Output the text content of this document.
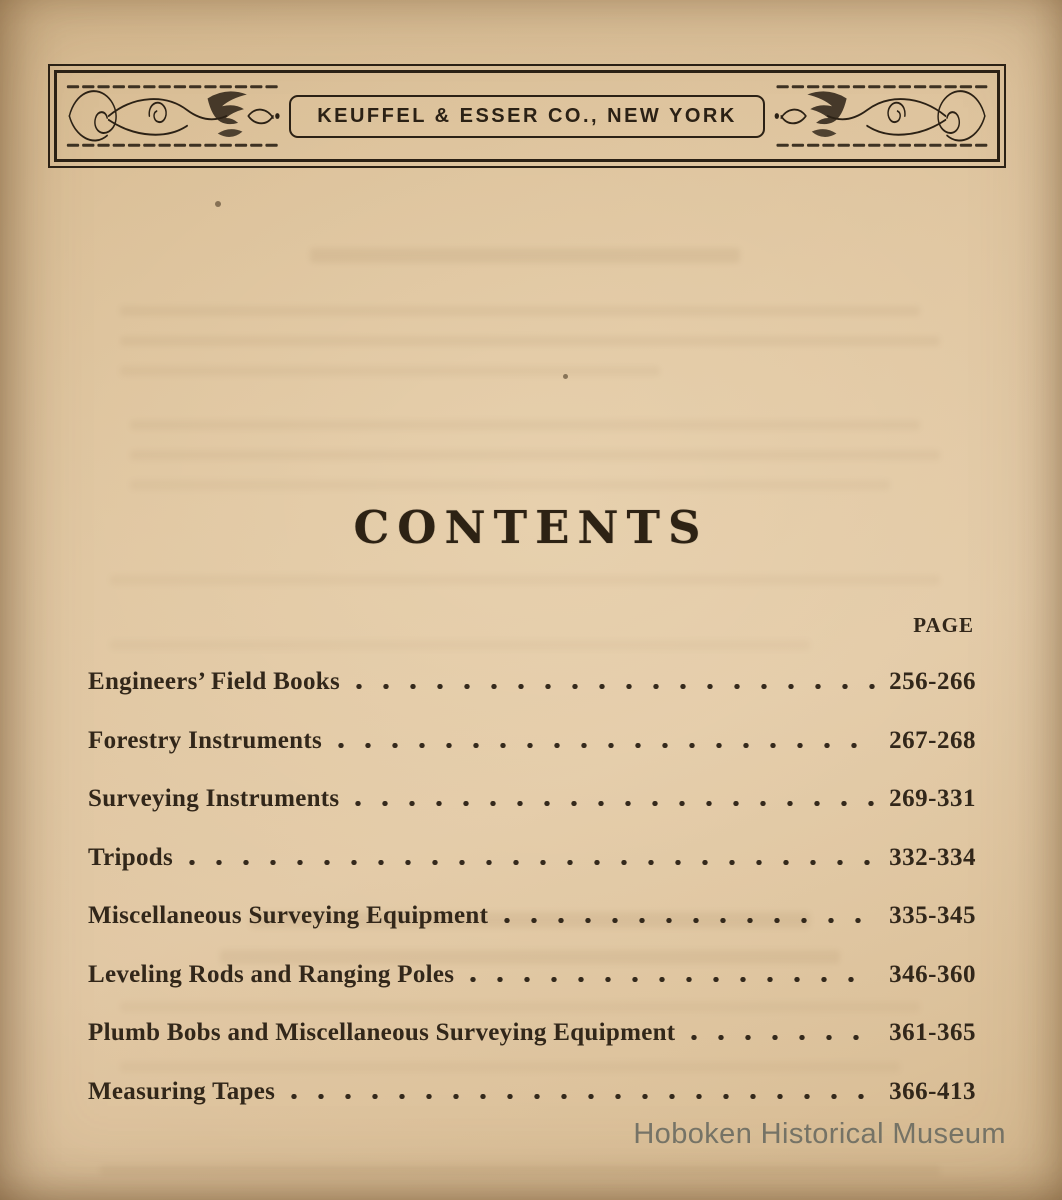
KEUFFEL & ESSER CO., NEW YORK
CONTENTS
PAGE
Engineers’ Field Books	256-266
Forestry Instruments	267-268
Surveying Instruments	269-331
Tripods	332-334
Miscellaneous Surveying Equipment	335-345
Leveling Rods and Ranging Poles	346-360
Plumb Bobs and Miscellaneous Surveying Equipment	361-365
Measuring Tapes	366-413
Hoboken Historical Museum
